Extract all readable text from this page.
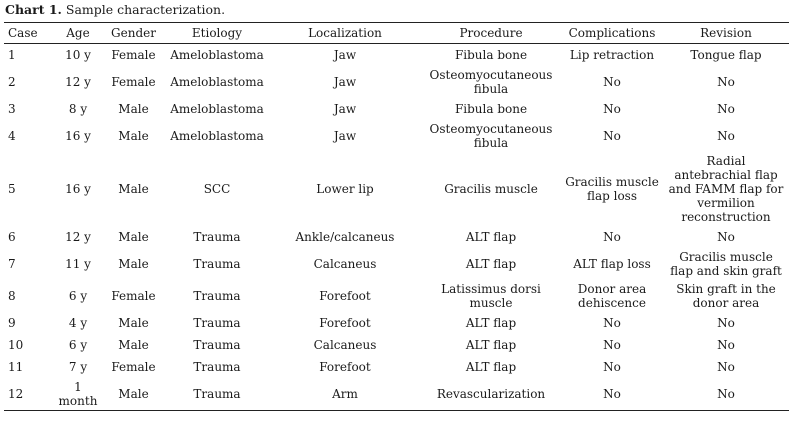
Chart 1. Sample characterization.
Case	Age	Gender	Etiology	Localization	Procedure	Complications	Revision
1	10 y	Female	Ameloblastoma	Jaw	Fibula bone	Lip retraction	Tongue flap
2	12 y	Female	Ameloblastoma	Jaw	Osteomyocutaneous fibula	No	No
3	8 y	Male	Ameloblastoma	Jaw	Fibula bone	No	No
4	16 y	Male	Ameloblastoma	Jaw	Osteomyocutaneous fibula	No	No
5	16 y	Male	SCC	Lower lip	Gracilis muscle	Gracilis muscle flap loss	Radial antebrachial flap and FAMM flap for vermilion reconstruction
6	12 y	Male	Trauma	Ankle/calcaneus	ALT flap	No	No
7	11 y	Male	Trauma	Calcaneus	ALT flap	ALT flap loss	Gracilis muscle flap and skin graft
8	6 y	Female	Trauma	Forefoot	Latissimus dorsi muscle	Donor area dehiscence	Skin graft in the donor area
9	4 y	Male	Trauma	Forefoot	ALT flap	No	No
10	6 y	Male	Trauma	Calcaneus	ALT flap	No	No
11	7 y	Female	Trauma	Forefoot	ALT flap	No	No
12	1 month	Male	Trauma	Arm	Revascularization	No	No
